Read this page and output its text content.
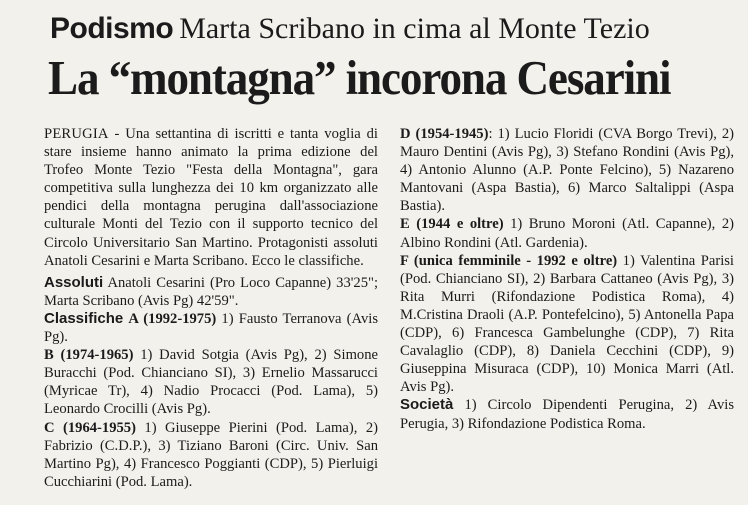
Podismo Marta Scribano in cima al Monte Tezio
La “montagna” incorona Cesarini

PERUGIA - Una settantina di iscritti e tanta voglia di stare insieme hanno animato la prima edizione del Trofeo Monte Tezio "Festa della Montagna", gara competitiva sulla lunghezza dei 10 km organizzato alle pendici della montagna perugina dall'associazione culturale Monti del Tezio con il supporto tecnico del Circolo Universitario San Martino. Protagonisti assoluti Anatoli Cesarini e Marta Scribano. Ecco le classifiche.

Assoluti Anatoli Cesarini (Pro Loco Capanne) 33'25"; Marta Scribano (Avis Pg) 42'59".

Classifiche A (1992-1975) 1) Fausto Terranova (Avis Pg).

B (1974-1965) 1) David Sotgia (Avis Pg), 2) Simone Buracchi (Pod. Chianciano SI), 3) Ernelio Massarucci (Myricae Tr), 4) Nadio Procacci (Pod. Lama), 5) Leonardo Crocilli (Avis Pg).

C (1964-1955) 1) Giuseppe Pierini (Pod. Lama), 2) Fabrizio (C.D.P.), 3) Tiziano Baroni (Circ. Univ. San Martino Pg), 4) Francesco Poggianti (CDP), 5) Pierluigi Cucchiarini (Pod. Lama).

D (1954-1945): 1) Lucio Floridi (CVA Borgo Trevi), 2) Mauro Dentini (Avis Pg), 3) Stefano Rondini (Avis Pg), 4) Antonio Alunno (A.P. Ponte Felcino), 5) Nazareno Mantovani (Aspa Bastia), 6) Marco Saltalippi (Aspa Bastia).

E (1944 e oltre) 1) Bruno Moroni (Atl. Capanne), 2) Albino Rondini (Atl. Gardenia).

F (unica femminile - 1992 e oltre) 1) Valentina Parisi (Pod. Chianciano SI), 2) Barbara Cattaneo (Avis Pg), 3) Rita Murri (Rifondazione Podistica Roma), 4) M.Cristina Draoli (A.P. Pontefelcino), 5) Antonella Papa (CDP), 6) Francesca Gambelunghe (CDP), 7) Rita Cavalaglio (CDP), 8) Daniela Cecchini (CDP), 9) Giuseppina Misuraca (CDP), 10) Monica Marri (Atl. Avis Pg).

Società 1) Circolo Dipendenti Perugina, 2) Avis Perugia, 3) Rifondazione Podistica Roma.
